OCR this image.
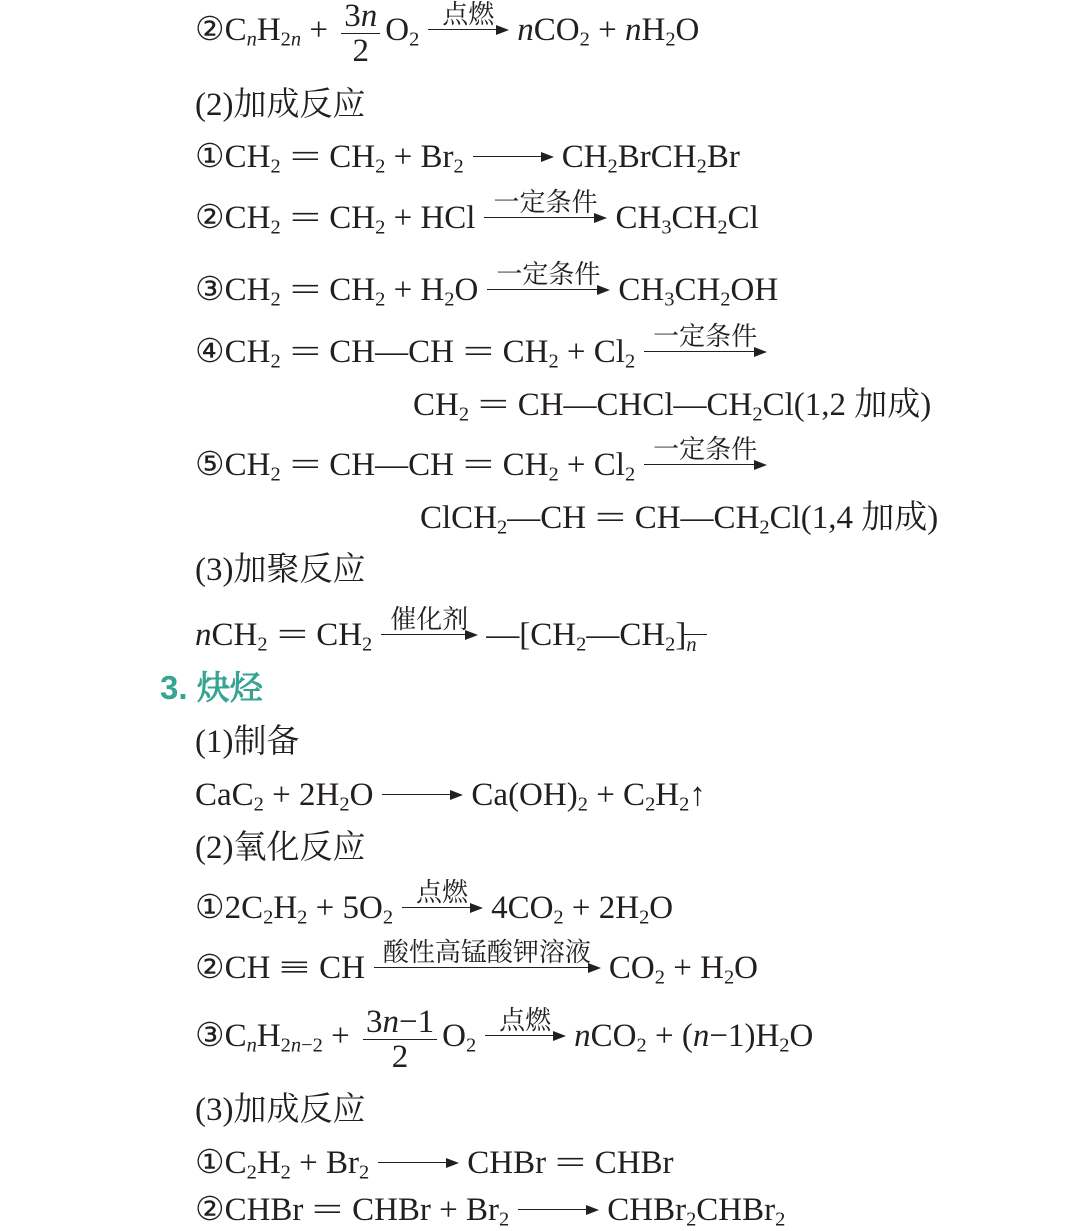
$②C_nH_{2n} + \frac{3n}{2} O_2$
​ $^{点燃}$ $nCO_2 + nH_2O$
(2)加成反应
$①CH_2 = CH_2 + Br_2$ ​	$CH_2BrCH_2Br$
$②CH_2 = CH_2$ + HCl ​ $^{一定条件}$ $CH_3CH_2Cl$
$③CH_2 = CH_2 + H_2O$ ​ $^{一定条件}$ $CH_3CH_2OH$
$④CH_2$ = CH—CH = $CH_2 + Cl_2$
​ $^{一定条件}$
$CH_2$ = $CH—CHCl—CH_2Cl(1,2$ 加成)
$⑤CH_2$ = CH—CH = $CH_2 + Cl_2$
​ $^{一定条件}$
ClCH$_2$—CH = $CH—CH_2Cl(1,4$ 加成)
(3)加聚反应
$nCH_2 = CH_2$
​ $^{催化剂}$ $—[CH_2—CH_2]_n$
3. 炔烃
(1)制备
$CaC_2 + 2H_2O$ ​	$Ca(OH)_2$ + $C_2H_2↑$
(2)氧化反应
$①2C_2H_2 + 5O_2$
​ $^{点燃}$ $4CO_2 + 2H_2O$
②CH ≡ CH ​ $^{酸性高锰酸钾溶液}$ $CO_2 + H_2O$
$③C_nH_{2n-2} + \frac{3n-1}{2} O_2$
​ $^{点燃}$ $nCO_2 + (n-1)H_2O$
(3)加成反应
$①C_2H_2 + Br_2$ ​	CHBr = CHBr
②CHBr = CHBr + $Br_2$ ​	CHBr$_2$CHBr$_2$
